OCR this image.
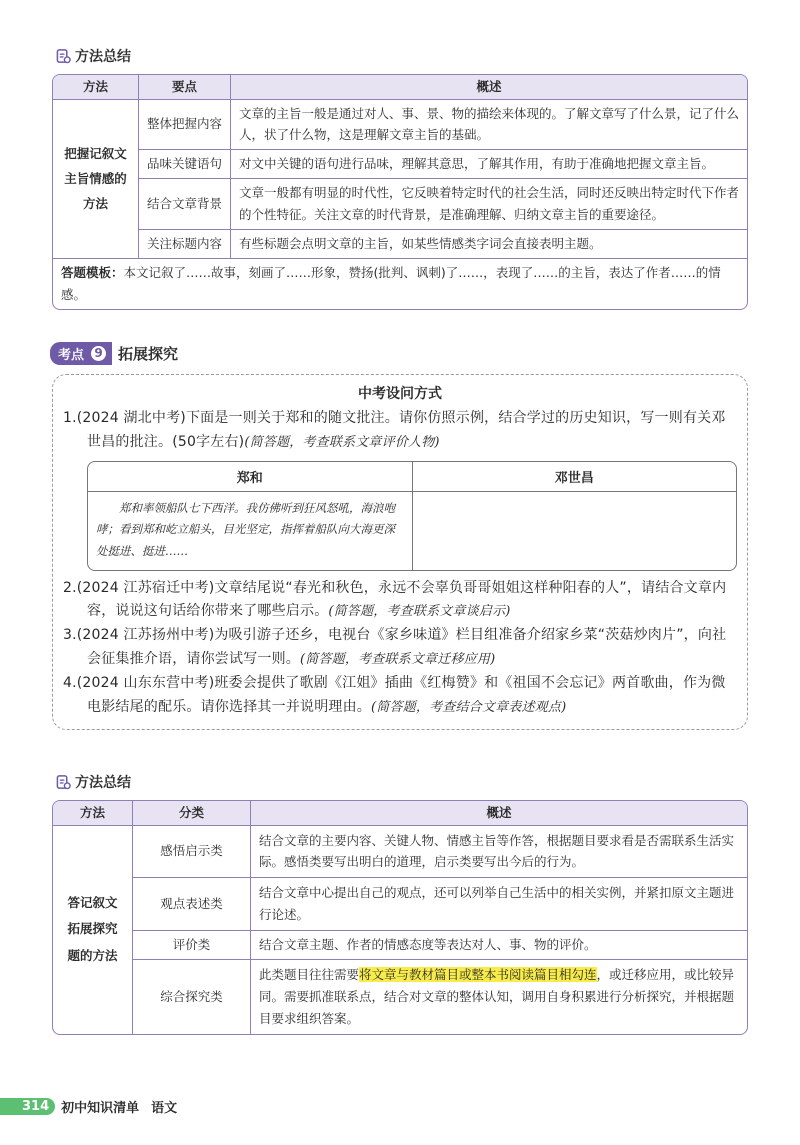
方法总结
方法	要点	概述
把握记叙文主旨情感的方法	整体把握内容	文章的主旨一般是通过对人、事、景、物的描绘来体现的。了解文章写了什么景，记了什么人，状了什么物，这是理解文章主旨的基础。
	品味关键语句	对文中关键的语句进行品味，理解其意思，了解其作用，有助于准确地把握文章主旨。
	结合文章背景	文章一般都有明显的时代性，它反映着特定时代的社会生活，同时还反映出特定时代下作者的个性特征。关注文章的时代背景，是准确理解、归纳文章主旨的重要途径。
	关注标题内容	有些标题会点明文章的主旨，如某些情感类字词会直接表明主题。
答题模板：本文记叙了……故事，刻画了……形象，赞扬(批判、讽刺)了……，表现了……的主旨，表达了作者……的情感。
考点 9	拓展探究
中考设问方式
1.(2024 湖北中考)下面是一则关于郑和的随文批注。请你仿照示例，结合学过的历史知识，写一则有关邓世昌的批注。(50字左右)(简答题，考查联系文章评价人物)
郑和	邓世昌
郑和率领船队七下西洋。我仿佛听到狂风怒吼，海浪咆哮；看到郑和屹立船头，目光坚定，指挥着船队向大海更深处挺进、挺进……	
2.(2024 江苏宿迁中考)文章结尾说“春光和秋色，永远不会辜负哥哥姐姐这样种阳春的人”，请结合文章内容，说说这句话给你带来了哪些启示。(简答题，考查联系文章谈启示)
3.(2024 江苏扬州中考)为吸引游子还乡，电视台《家乡味道》栏目组准备介绍家乡菜“茨菇炒肉片”，向社会征集推介语，请你尝试写一则。(简答题，考查联系文章迁移应用)
4.(2024 山东东营中考)班委会提供了歌剧《江姐》插曲《红梅赞》和《祖国不会忘记》两首歌曲，作为微电影结尾的配乐。请你选择其一并说明理由。(简答题，考查结合文章表述观点)
方法总结
方法	分类	概述
答记叙文拓展探究题的方法	感悟启示类	结合文章的主要内容、关键人物、情感主旨等作答，根据题目要求看是否需联系生活实际。感悟类要写出明白的道理，启示类要写出今后的行为。
	观点表述类	结合文章中心提出自己的观点，还可以列举自己生活中的相关实例，并紧扣原文主题进行论述。
	评价类	结合文章主题、作者的情感态度等表达对人、事、物的评价。
	综合探究类	此类题目往往需要将文章与教材篇目或整本书阅读篇目相勾连，或迁移应用，或比较异同。需要抓准联系点，结合对文章的整体认知，调用自身积累进行分析探究，并根据题目要求组织答案。
314 初中知识清单 语文
